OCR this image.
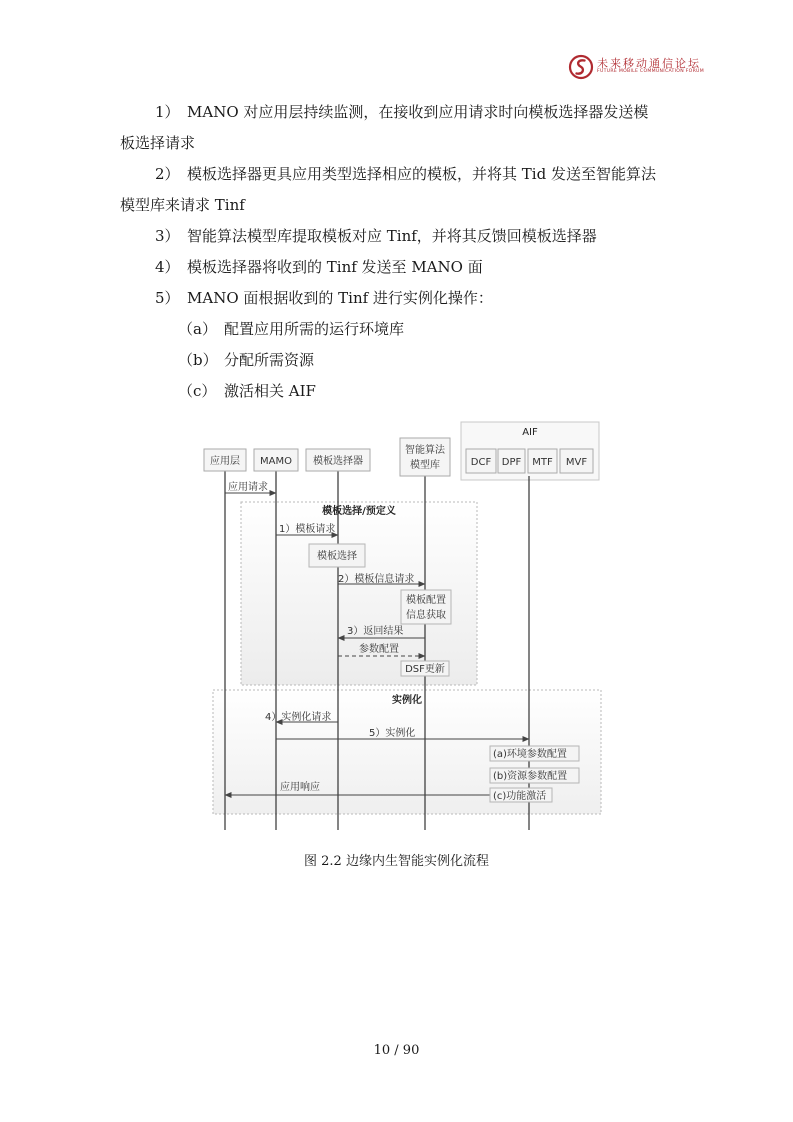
未来移动通信论坛
FUTURE MOBILE COMMUNICATION FORUM
1） MANO 对应用层持续监测，在接收到应用请求时向模板选择器发送模
板选择请求
2） 模板选择器更具应用类型选择相应的模板，并将其 Tid 发送至智能算法
模型库来请求 Tinf
3） 智能算法模型库提取模板对应 Tinf，并将其反馈回模板选择器
4） 模板选择器将收到的 Tinf 发送至 MANO 面
5） MANO 面根据收到的 Tinf 进行实例化操作：
（a） 配置应用所需的运行环境库
（b） 分配所需资源
（c） 激活相关 AIF
AIF
应用层 MAMO 模板选择器
智能算法
模型库	DCF DPF MTF MVF
模板选择/预定义
实例化
应用请求
1）模板请求
2）模板信息请求
3）返回结果
参数配置
4）实例化请求
5）实例化
应用响应
模板选择
模板配置
信息获取
DSF更新
(a)环境参数配置
(b)资源参数配置
(c)功能激活
图 2.2 边缘内生智能实例化流程
10 / 90
